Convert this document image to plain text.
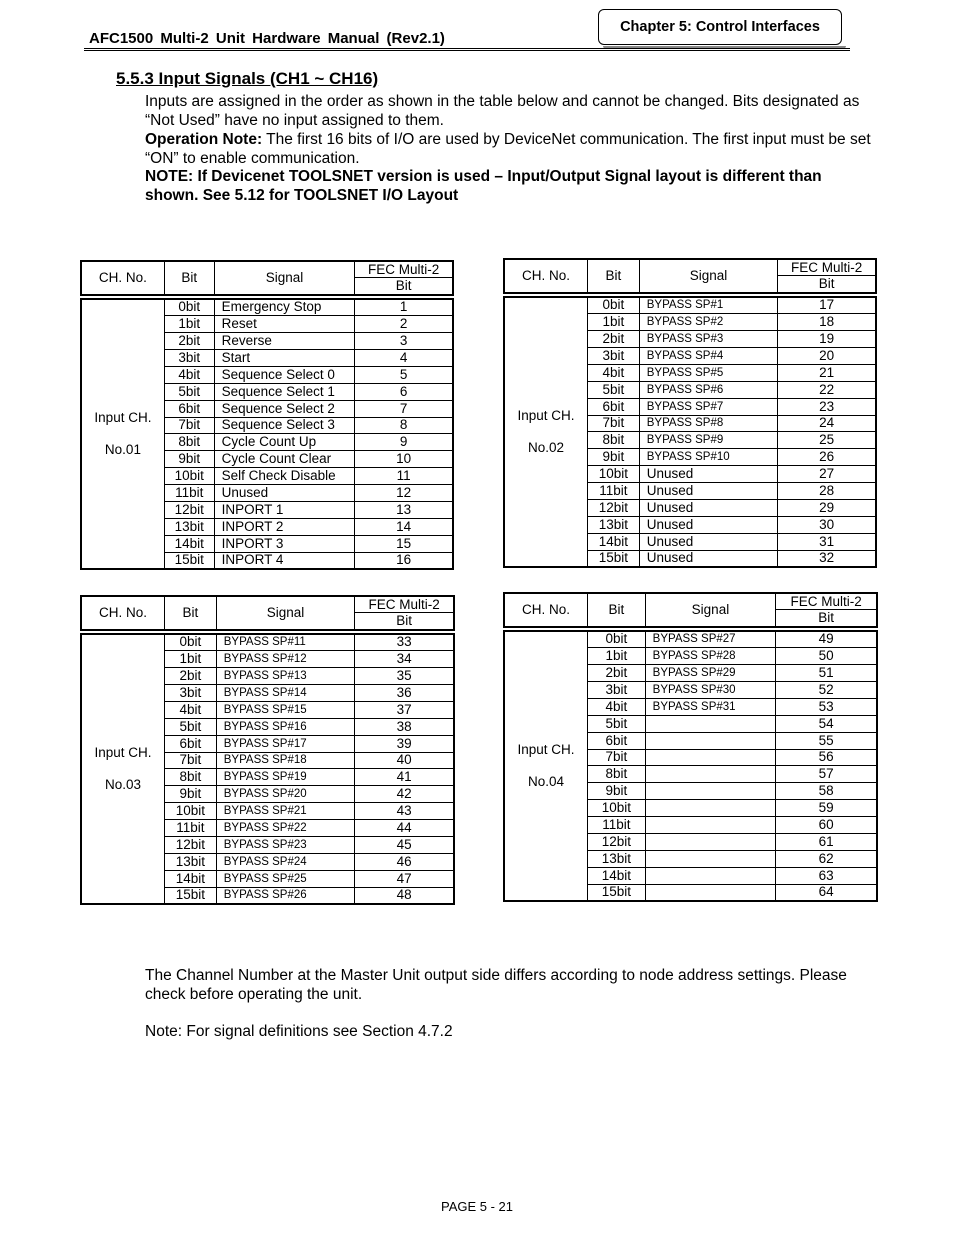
AFC1500 Multi-2 Unit Hardware Manual (Rev2.1)
Chapter 5: Control Interfaces
5.5.3 Input Signals (CH1 ~ CH16)
Inputs are assigned in the order as shown in the table below and cannot be changed. Bits designated as “Not Used” have no input assigned to them.
Operation Note: The first 16 bits of I/O are used by DeviceNet communication. The first input must be set “ON” to enable communication.
NOTE: If Devicenet TOOLSNET version is used – Input/Output Signal layout is different than shown. See 5.12 for TOOLSNET I/O Layout
CH. No.	Bit	Signal	FEC Multi-2
			Bit

Input CH.
No.01	0bit	Emergency Stop	1
	1bit	Reset	2
	2bit	Reverse	3
	3bit	Start	4
	4bit	Sequence Select 0	5
	5bit	Sequence Select 1	6
	6bit	Sequence Select 2	7
	7bit	Sequence Select 3	8
	8bit	Cycle Count Up	9
	9bit	Cycle Count Clear	10
	10bit	Self Check Disable	11
	11bit	Unused	12
	12bit	INPORT 1	13
	13bit	INPORT 2	14
	14bit	INPORT 3	15
	15bit	INPORT 4	16
CH. No.	Bit	Signal	FEC Multi-2
			Bit

Input CH.
No.02	0bit	BYPASS SP#1	17
	1bit	BYPASS SP#2	18
	2bit	BYPASS SP#3	19
	3bit	BYPASS SP#4	20
	4bit	BYPASS SP#5	21
	5bit	BYPASS SP#6	22
	6bit	BYPASS SP#7	23
	7bit	BYPASS SP#8	24
	8bit	BYPASS SP#9	25
	9bit	BYPASS SP#10	26
	10bit	Unused	27
	11bit	Unused	28
	12bit	Unused	29
	13bit	Unused	30
	14bit	Unused	31
	15bit	Unused	32
CH. No.	Bit	Signal	FEC Multi-2
			Bit

Input CH.
No.03	0bit	BYPASS SP#11	33
	1bit	BYPASS SP#12	34
	2bit	BYPASS SP#13	35
	3bit	BYPASS SP#14	36
	4bit	BYPASS SP#15	37
	5bit	BYPASS SP#16	38
	6bit	BYPASS SP#17	39
	7bit	BYPASS SP#18	40
	8bit	BYPASS SP#19	41
	9bit	BYPASS SP#20	42
	10bit	BYPASS SP#21	43
	11bit	BYPASS SP#22	44
	12bit	BYPASS SP#23	45
	13bit	BYPASS SP#24	46
	14bit	BYPASS SP#25	47
	15bit	BYPASS SP#26	48
CH. No.	Bit	Signal	FEC Multi-2
			Bit

Input CH.
No.04	0bit	BYPASS SP#27	49
	1bit	BYPASS SP#28	50
	2bit	BYPASS SP#29	51
	3bit	BYPASS SP#30	52
	4bit	BYPASS SP#31	53
	5bit		54
	6bit		55
	7bit		56
	8bit		57
	9bit		58
	10bit		59
	11bit		60
	12bit		61
	13bit		62
	14bit		63
	15bit		64
The Channel Number at the Master Unit output side differs according to node address settings. Please check before operating the unit.
Note: For signal definitions see Section 4.7.2
PAGE 5 - 21
